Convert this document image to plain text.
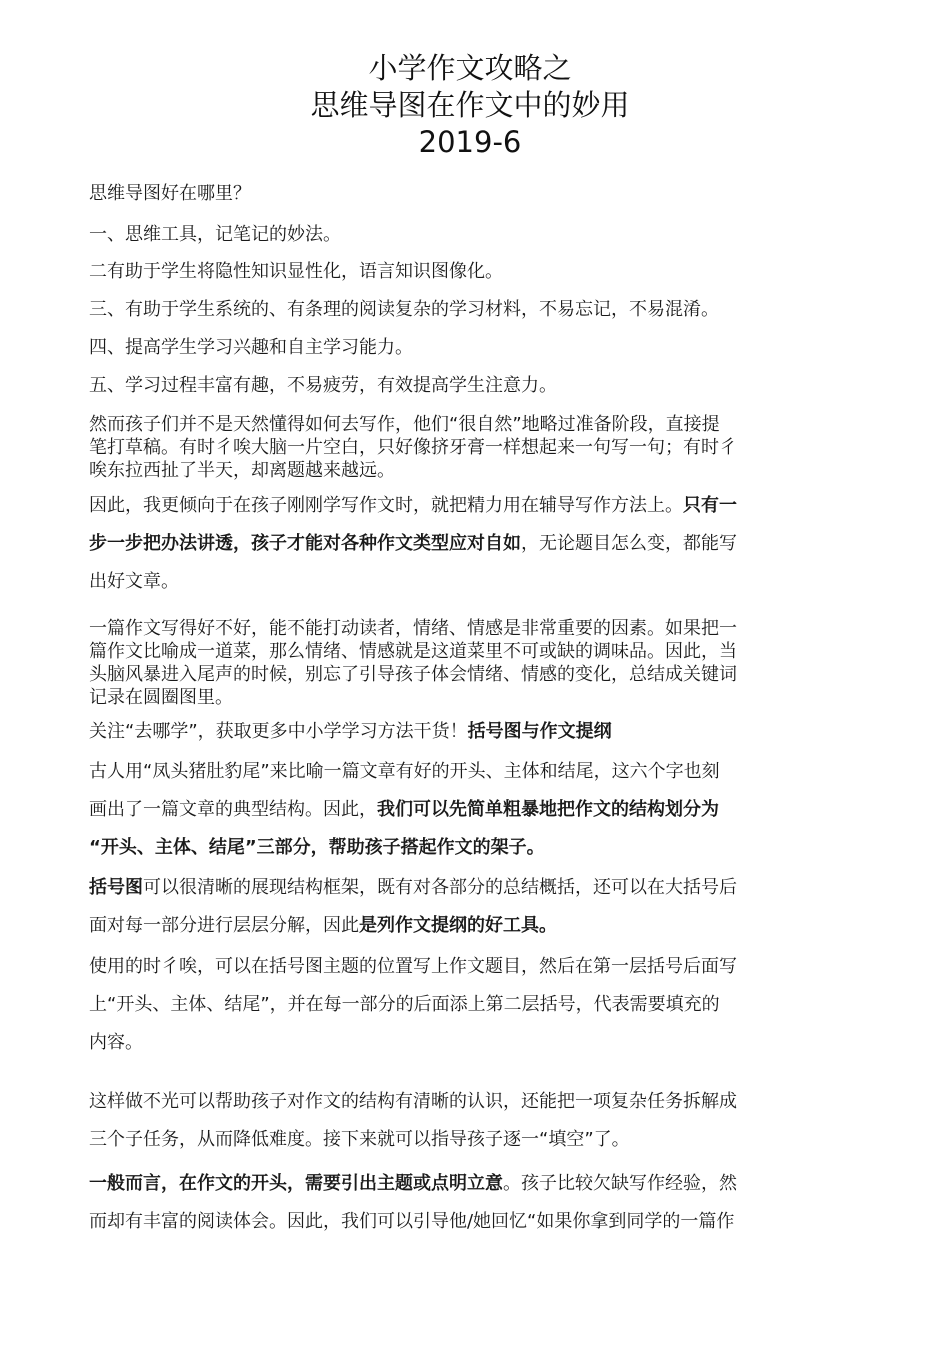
小学作文攻略之
思维导图在作文中的妙用
2019-6

思维导图好在哪里？

一、思维工具，记笔记的妙法。

二有助于学生将隐性知识显性化，语言知识图像化。

三、有助于学生系统的、有条理的阅读复杂的学习材料，不易忘记，不易混淆。

四、提高学生学习兴趣和自主学习能力。

五、学习过程丰富有趣，不易疲劳，有效提高学生注意力。

然而孩子们并不是天然懂得如何去写作，他们“很自然”地略过准备阶段，直接提
笔打草稿。有时彳唉大脑一片空白，只好像挤牙膏一样想起来一句写一句；有时彳
唉东拉西扯了半天，却离题越来越远。
因此，我更倾向于在孩子刚刚学写作文时，就把精力用在辅导写作方法上。只有一
步一步把办法讲透，孩子才能对各种作文类型应对自如，无论题目怎么变，都能写
出好文章。
一篇作文写得好不好，能不能打动读者，情绪、情感是非常重要的因素。如果把一
篇作文比喻成一道菜，那么情绪、情感就是这道菜里不可或缺的调味品。因此，当
头脑风暴进入尾声的时候，别忘了引导孩子体会情绪、情感的变化，总结成关键词
记录在圆圈图里。

关注“去哪学”，获取更多中小学学习方法干货！括号图与作文提纲

古人用“凤头猪肚豹尾”来比喻一篇文章有好的开头、主体和结尾，这六个字也刻
画出了一篇文章的典型结构。因此，我们可以先简单粗暴地把作文的结构划分为
“开头、主体、结尾”三部分，帮助孩子搭起作文的架子。
括号图可以很清晰的展现结构框架，既有对各部分的总结概括，还可以在大括号后
面对每一部分进行层层分解，因此是列作文提纲的好工具。
使用的时彳唉，可以在括号图主题的位置写上作文题目，然后在第一层括号后面写
上“开头、主体、结尾”，并在每一部分的后面添上第二层括号，代表需要填充的
内容。
这样做不光可以帮助孩子对作文的结构有清晰的认识，还能把一项复杂任务拆解成
三个子任务，从而降低难度。接下来就可以指导孩子逐一“填空”了。
一般而言，在作文的开头，需要引出主题或点明立意。孩子比较欠缺写作经验，然
而却有丰富的阅读体会。因此，我们可以引导他/她回忆“如果你拿到同学的一篇作
